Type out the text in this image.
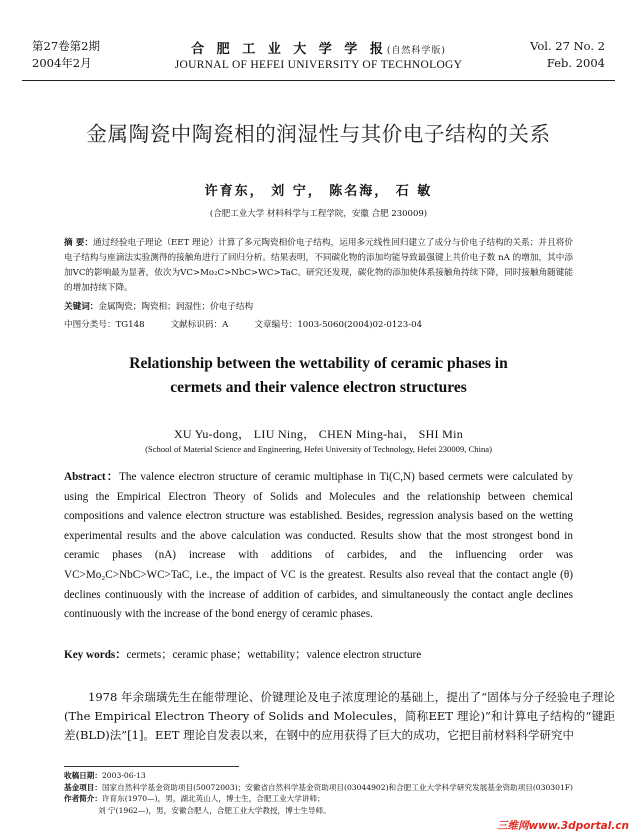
第27卷第2期
2004年2月
合 肥 工 业 大 学 学 报(自然科学版)
JOURNAL OF HEFEI UNIVERSITY OF TECHNOLOGY
Vol. 27 No. 2
Feb. 2004
金属陶瓷中陶瓷相的润湿性与其价电子结构的关系
许育东， 刘 宁， 陈名海， 石 敏
(合肥工业大学 材料科学与工程学院，安徽 合肥 230009)
摘 要：通过经验电子理论（EET 理论）计算了多元陶瓷相价电子结构，运用多元线性回归建立了成分与价电子结构的关系；并且将价电子结构与座滴法实验测得的接触角进行了回归分析。结果表明，不同碳化物的添加均能导致最强键上共价电子数 nA 的增加，其中添加VC的影响最为显著，依次为VC>Mo₂C>NbC>WC>TaC。研究还发现，碳化物的添加使体系接触角持续下降，同时接触角随键能的增加持续下降。
关键词：金属陶瓷；陶瓷相；润湿性；价电子结构
中图分类号：TG148	文献标识码：A	文章编号：1003-5060(2004)02-0123-04
Relationship between the wettability of ceramic phases in
cermets and their valence electron structures
XU Yu-dong， LIU Ning， CHEN Ming-hai， SHI Min
(School of Material Science and Engineering, Hefei University of Technology, Hefei 230009, China)
Abstract：The valence electron structure of ceramic multiphase in Ti(C,N) based cermets were calculated by using the Empirical Electron Theory of Solids and Molecules and the relationship between chemical compositions and valence electron structure was established. Besides, regression analysis based on the wetting experimental results and the above calculation was conducted. Results show that the most strongest bond in ceramic phases (nA) increase with additions of carbides, and the influencing order was VC>Mo₂C>NbC>WC>TaC, i.e., the impact of VC is the greatest. Results also reveal that the contact angle (θ) declines continuously with the increase of addition of carbides, and simultaneously the contact angle declines continuously with the increase of the bond energy of ceramic phases.
Key words：cermets；ceramic phase；wettability；valence electron structure
1978 年余瑞璜先生在能带理论、价键理论及电子浓度理论的基础上，提出了“固体与分子经验电子理论(The Empirical Electron Theory of Solids and Molecules，简称EET 理论)”和计算电子结构的“键距差(BLD)法”[1]。EET 理论自发表以来，在钢中的应用获得了巨大的成功，它把目前材料科学研究中
收稿日期：2003-06-13
基金项目：国家自然科学基金资助项目(50072003)；安徽省自然科学基金资助项目(03044902)和合肥工业大学科学研究发展基金资助项目(030301F)
作者简介：许育东(1970—)，男，湖北英山人，博士生，合肥工业大学讲师；
刘 宁(1962—)，男，安徽合肥人，合肥工业大学教授，博士生导师。
三维网www.3dportal.cn
